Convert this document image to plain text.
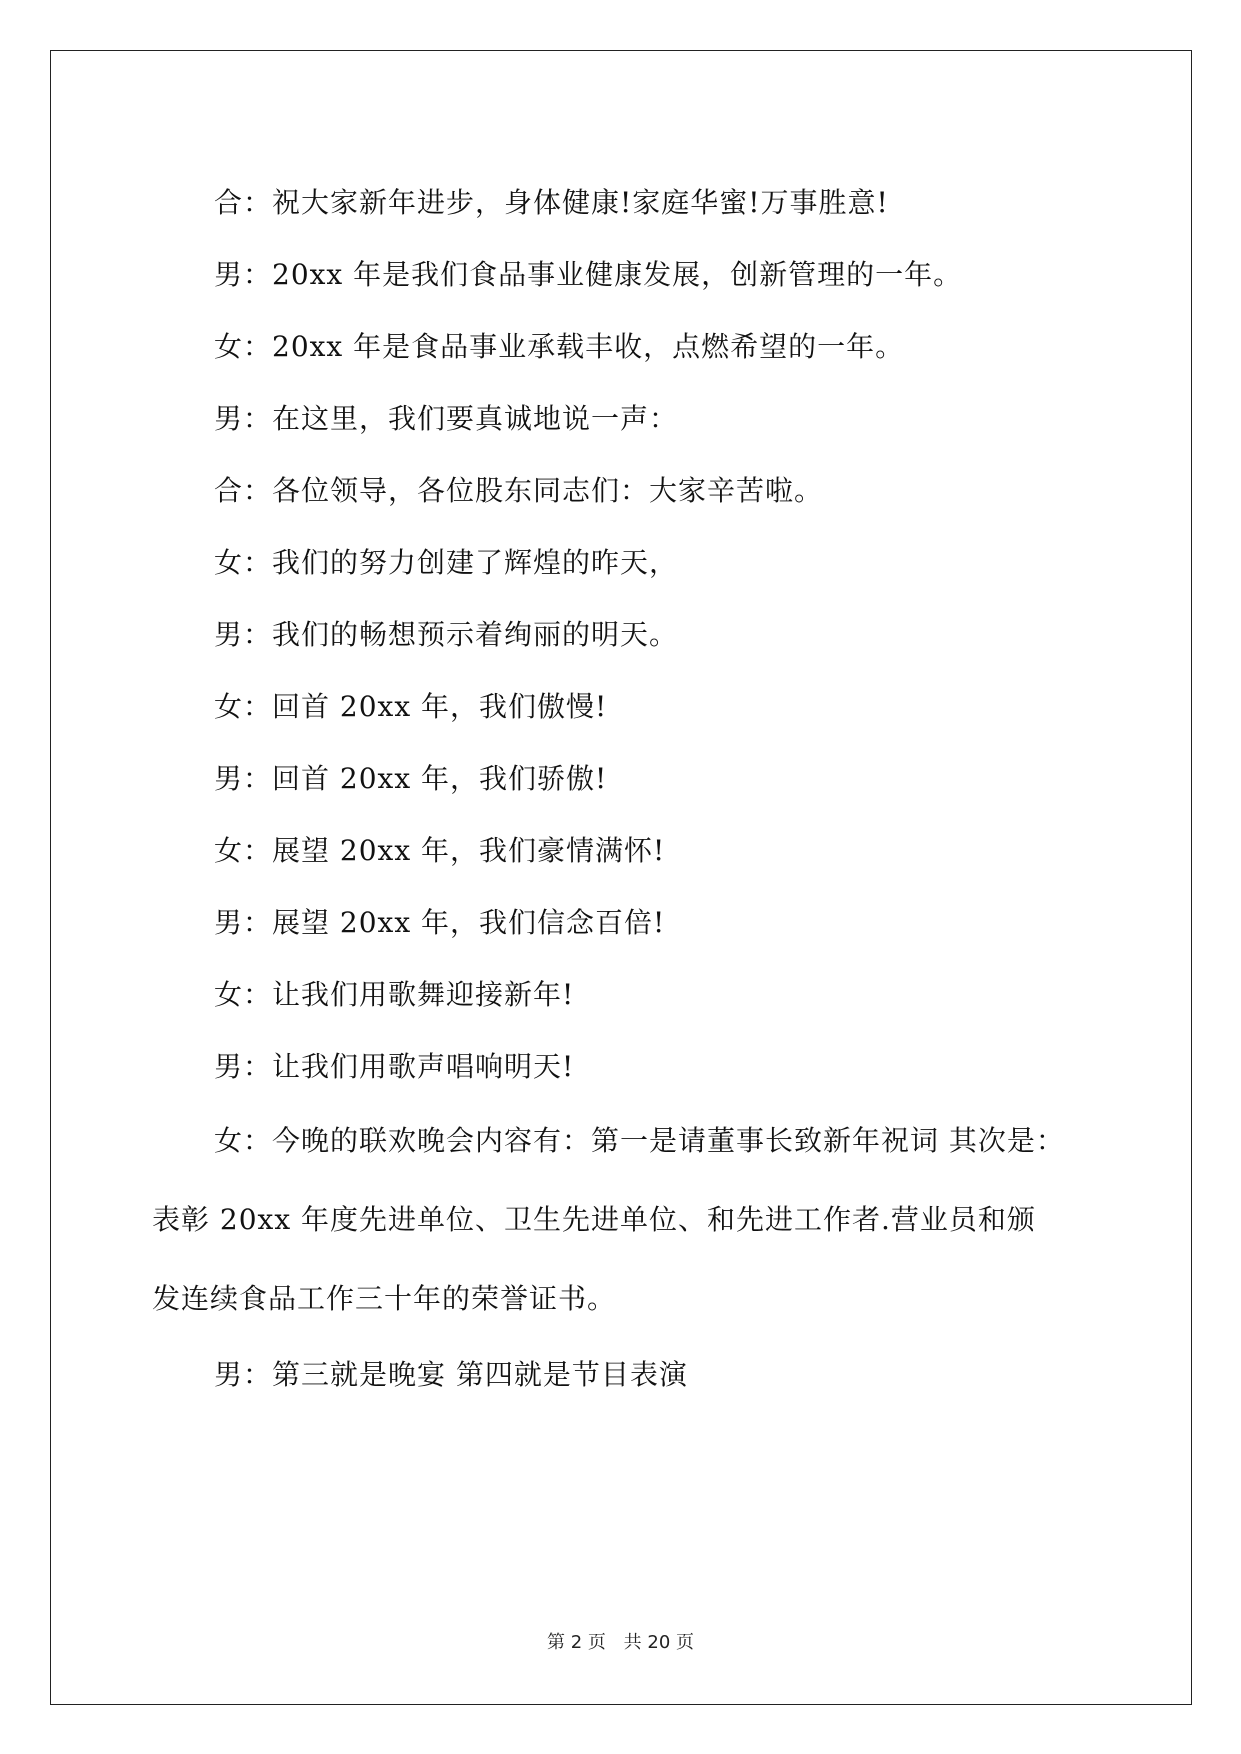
合：祝大家新年进步，身体健康!家庭华蜜!万事胜意!
男：20xx 年是我们食品事业健康发展，创新管理的一年。
女：20xx 年是食品事业承载丰收，点燃希望的一年。
男：在这里，我们要真诚地说一声：
合：各位领导，各位股东同志们：大家辛苦啦。
女：我们的努力创建了辉煌的昨天，
男：我们的畅想预示着绚丽的明天。
女：回首 20xx 年，我们傲慢!
男：回首 20xx 年，我们骄傲!
女：展望 20xx 年，我们豪情满怀!
男：展望 20xx 年，我们信念百倍!
女：让我们用歌舞迎接新年!
男：让我们用歌声唱响明天!
女：今晚的联欢晚会内容有：第一是请董事长致新年祝词 其次是：
表彰 20xx 年度先进单位、卫生先进单位、和先进工作者.营业员和颁
发连续食品工作三十年的荣誉证书。
男：第三就是晚宴 第四就是节目表演
第 2 页 共 20 页
